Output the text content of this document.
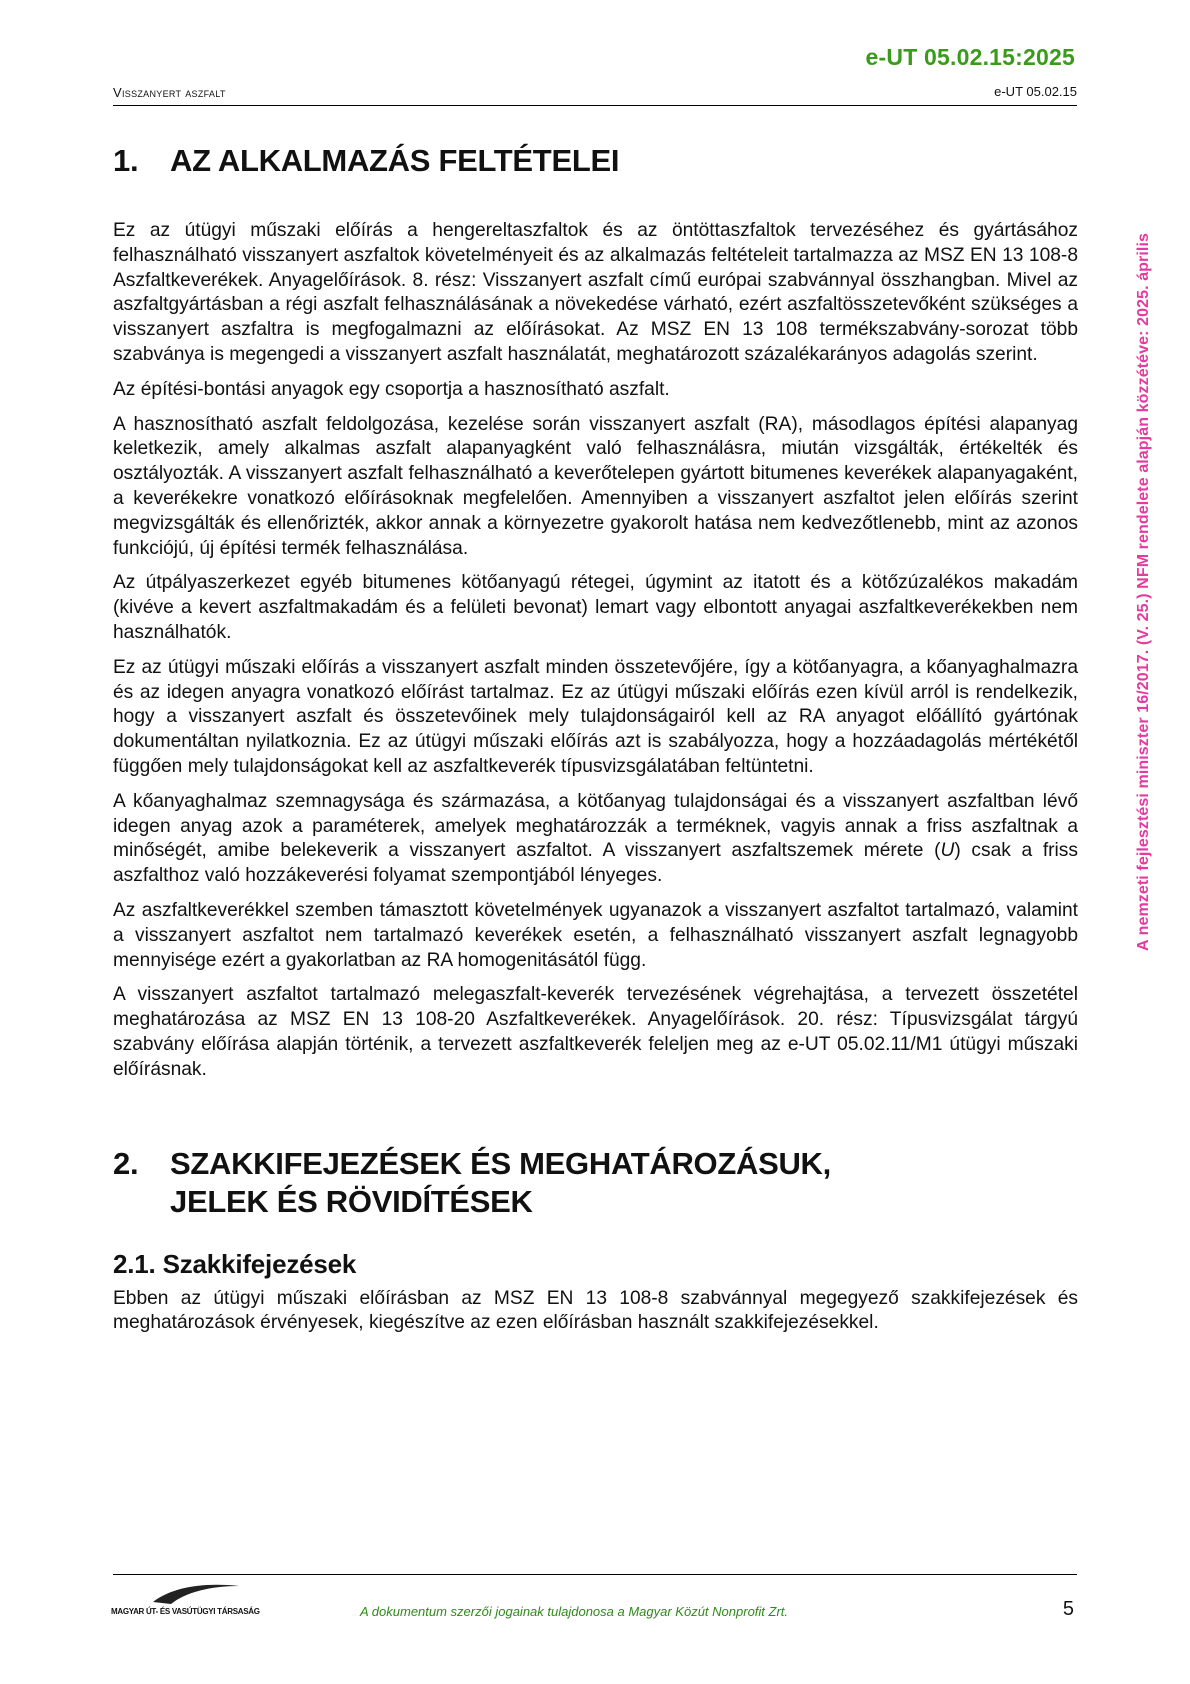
e-UT 05.02.15:2025
Visszanyert aszfalt	e-UT 05.02.15
A nemzeti fejlesztési miniszter 16/2017. (V. 25.) NFM rendelete alapján közzétéve: 2025. április
1.	AZ ALKALMAZÁS FELTÉTELEI

Ez az útügyi műszaki előírás a hengereltaszfaltok és az öntöttaszfaltok tervezéséhez és gyártásához felhasználható visszanyert aszfaltok követelményeit és az alkalmazás feltételeit tartalmazza az MSZ EN 13 108-8 Aszfaltkeverékek. Anyagelőírások. 8. rész: Visszanyert aszfalt című európai szabvánnyal összhangban. Mivel az aszfaltgyártásban a régi aszfalt felhasználásának a növekedése várható, ezért aszfaltösszetevőként szükséges a visszanyert aszfaltra is megfogalmazni az előírásokat. Az MSZ EN 13 108 termékszabvány-sorozat több szabványa is megengedi a visszanyert aszfalt használatát, meghatározott százalékarányos adagolás szerint.

Az építési-bontási anyagok egy csoportja a hasznosítható aszfalt.

A hasznosítható aszfalt feldolgozása, kezelése során visszanyert aszfalt (RA), másodlagos építési alapanyag keletkezik, amely alkalmas aszfalt alapanyagként való felhasználásra, miután vizsgálták, értékelték és osztályozták. A visszanyert aszfalt felhasználható a keverőtelepen gyártott bitumenes keverékek alapanyagaként, a keverékekre vonatkozó előírásoknak megfelelően. Amennyiben a visszanyert aszfaltot jelen előírás szerint megvizsgálták és ellenőrizték, akkor annak a környezetre gyakorolt hatása nem kedvezőtlenebb, mint az azonos funkciójú, új építési termék felhasználása.

Az útpályaszerkezet egyéb bitumenes kötőanyagú rétegei, úgymint az itatott és a kötőzúzalékos makadám (kivéve a kevert aszfaltmakadám és a felületi bevonat) lemart vagy elbontott anyagai aszfaltkeverékekben nem használhatók.

Ez az útügyi műszaki előírás a visszanyert aszfalt minden összetevőjére, így a kötőanyagra, a kőanyaghalmazra és az idegen anyagra vonatkozó előírást tartalmaz. Ez az útügyi műszaki előírás ezen kívül arról is rendelkezik, hogy a visszanyert aszfalt és összetevőinek mely tulajdonságairól kell az RA anyagot előállító gyártónak dokumentáltan nyilatkoznia. Ez az útügyi műszaki előírás azt is szabályozza, hogy a hozzáadagolás mértékétől függően mely tulajdonságokat kell az aszfaltkeverék típusvizsgálatában feltüntetni.

A kőanyaghalmaz szemnagysága és származása, a kötőanyag tulajdonságai és a visszanyert aszfaltban lévő idegen anyag azok a paraméterek, amelyek meghatározzák a terméknek, vagyis annak a friss aszfaltnak a minőségét, amibe belekeverik a visszanyert aszfaltot. A visszanyert aszfaltszemek mérete (U) csak a friss aszfalthoz való hozzákeverési folyamat szempontjából lényeges.

Az aszfaltkeverékkel szemben támasztott követelmények ugyanazok a visszanyert aszfaltot tartalmazó, valamint a visszanyert aszfaltot nem tartalmazó keverékek esetén, a felhasználható visszanyert aszfalt legnagyobb mennyisége ezért a gyakorlatban az RA homogenitásától függ.

A visszanyert aszfaltot tartalmazó melegaszfalt-keverék tervezésének végrehajtása, a tervezett összetétel meghatározása az MSZ EN 13 108-20 Aszfaltkeverékek. Anyagelőírások. 20. rész: Típusvizsgálat tárgyú szabvány előírása alapján történik, a tervezett aszfaltkeverék feleljen meg az e-UT 05.02.11/M1 útügyi műszaki előírásnak.

2.	SZAKKIFEJEZÉSEK ÉS MEGHATÁROZÁSUK,
JELEK ÉS RÖVIDÍTÉSEK
2.1. Szakkifejezések

Ebben az útügyi műszaki előírásban az MSZ EN 13 108-8 szabvánnyal megegyező szakkifejezések és meghatározások érvényesek, kiegészítve az ezen előírásban használt szakkifejezésekkel.

MAGYAR ÚT- ÉS VASÚTÜGYI TÁRSASÁG	A dokumentum szerzői jogainak tulajdonosa a Magyar Közút Nonprofit Zrt.	5
